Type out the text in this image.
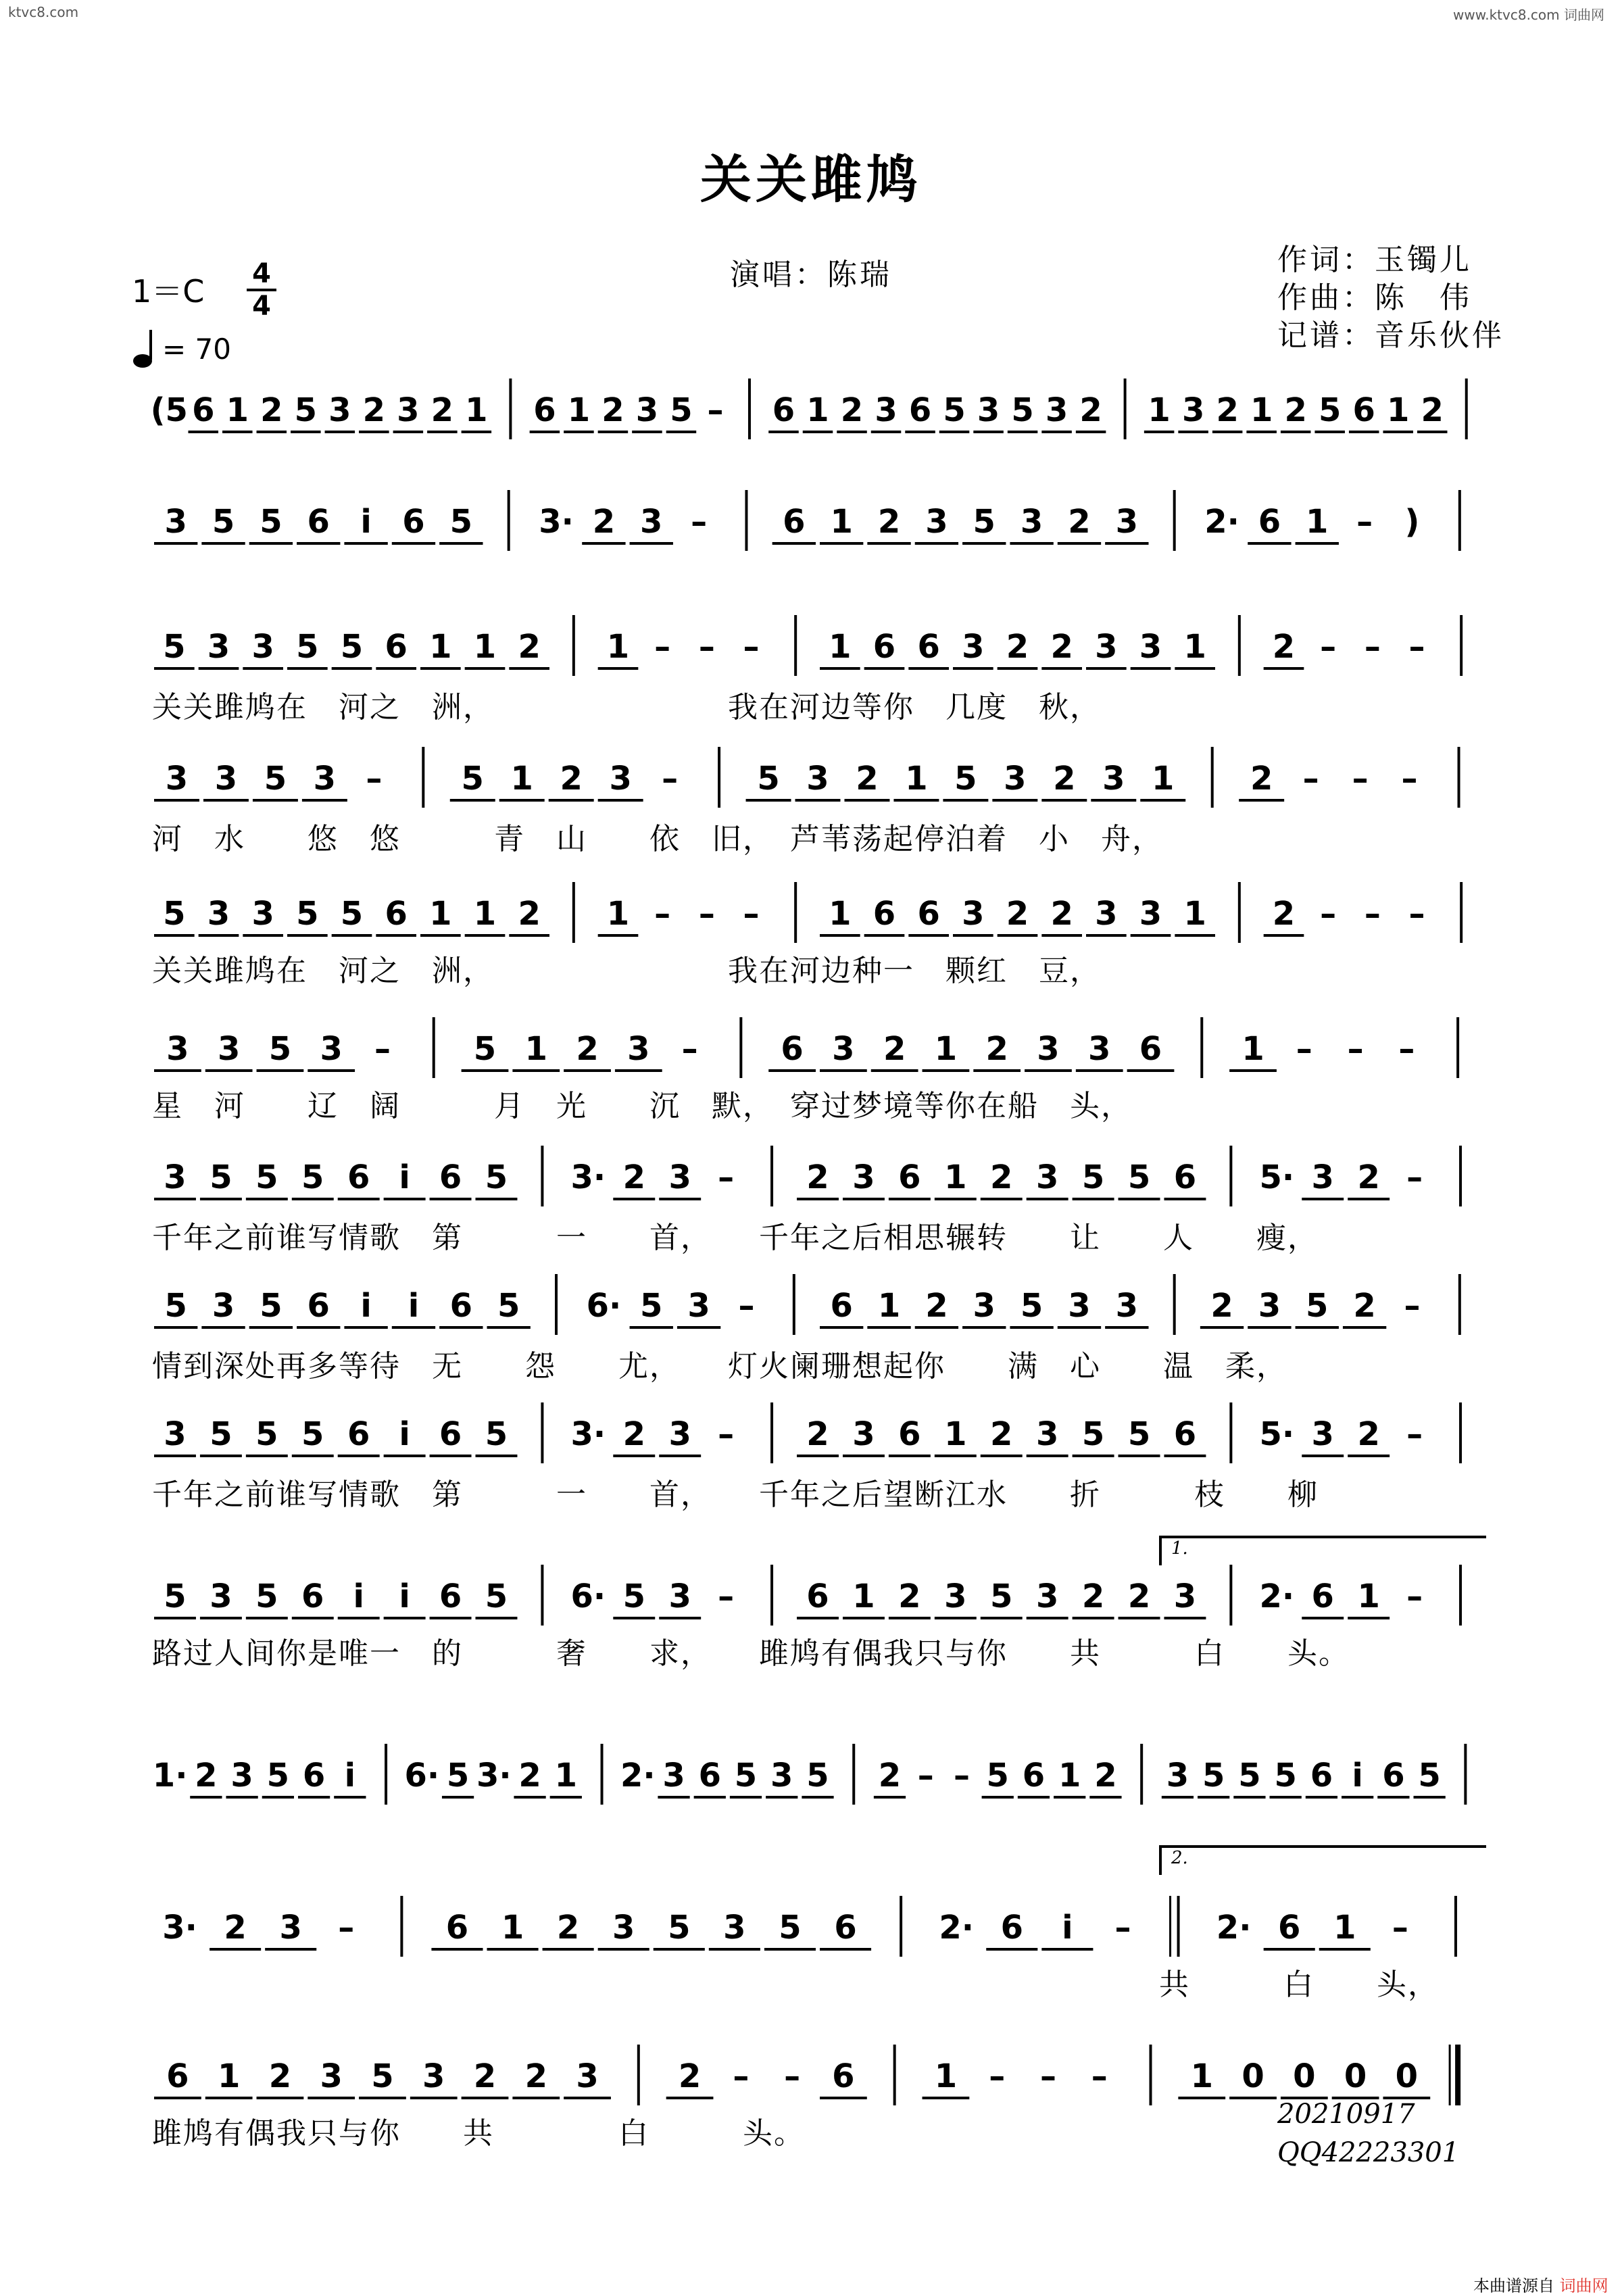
ktvc8.com	www.ktvc8.com 词曲网
关关雎鸠
$1=C \frac{4}{4}$
= 70
演唱：陈瑞	作词：玉镯儿
作曲：陈　伟
记谱：音乐伙伴
(5 6 1 2 5 3 2 3 2 1 6 1 2 3 5 – 6 1 2 3 6 5 3 5 3 2 1 3 2 1 2 5 6 1 2
3 5 5 6 i 6 5 3· 2 3 – 6 1 2 3 5 3 2 3 2· 6 1 – )
5 3 3 5 5 6 1 1 2 1 – – – 1 6 6 3 2 2 3 3 1 2 – – –
关关雎鸠在　河之　洲，　　　　　　　　我在河边等你　几度　秋，
3 3 5 3 – 5 1 2 3 – 5 3 2 1 5 3 2 3 1 2 – – –
河　水　　悠　悠　　　青　山　　依　旧，　芦苇荡起停泊着　小　舟，
5 3 3 5 5 6 1 1 2 1 – – – 1 6 6 3 2 2 3 3 1 2 – – –
关关雎鸠在　河之　洲，　　　　　　　　我在河边种一　颗红　豆，
3 3 5 3 –	5 1 2 3 –	6 3 2 1 2 3 3 6 1 – – –
星　河　　辽　阔　　　月　光　　沉　默，　穿过梦境等你在船　头，
3 5 5 5 6 i 6 5 3· 2 3 – 2 3 6 1 2 3 5 5 6 5· 3 2 –
千年之前谁写情歌　第　　　一　　首，　　千年之后相思辗转　　让　　人　　瘦，
5 3 5 6 i i 6 5 6· 5 3 – 6 1 2 3 5 3 3 2 3 5 2 –
情到深处再多等待　无　　怨　　尤，　　灯火阑珊想起你　　满　心　　温　柔，
3 5 5 5 6 i 6 5 3· 2 3 – 2 3 6 1 2 3 5 5 6 5· 3 2 –
千年之前谁写情歌　第　　　一　　首，　　千年之后望断江水　　折　　　枝　　柳
5 3 5 6 i i 6 5 6· 5 3 – 6 1 2 3 5 3 2 2 3 2· 6 1 –
路过人间你是唯一　的　　　奢　　求，　　雎鸠有偶我只与你　　共　　　白　　头。
1· 2 3 5 6 i 6· 5 3· 2 1 2· 3 6 5 3 5 2 – – 5 6 1 2 3 5 5 5 6 i 6 5
3· 2 3 –	6 1 2 3 5 3 5 6	2· 6 i –	2· 6 1 –
共　　　白　　头，
6 1 2 3 5 3 2 2 3 2 – – 6 1 – – –	1 0 0 0 0
雎鸠有偶我只与你　　共　　　　白　　　头。
1.
2.
20210917
QQ42223301
本曲谱源自 词曲网
